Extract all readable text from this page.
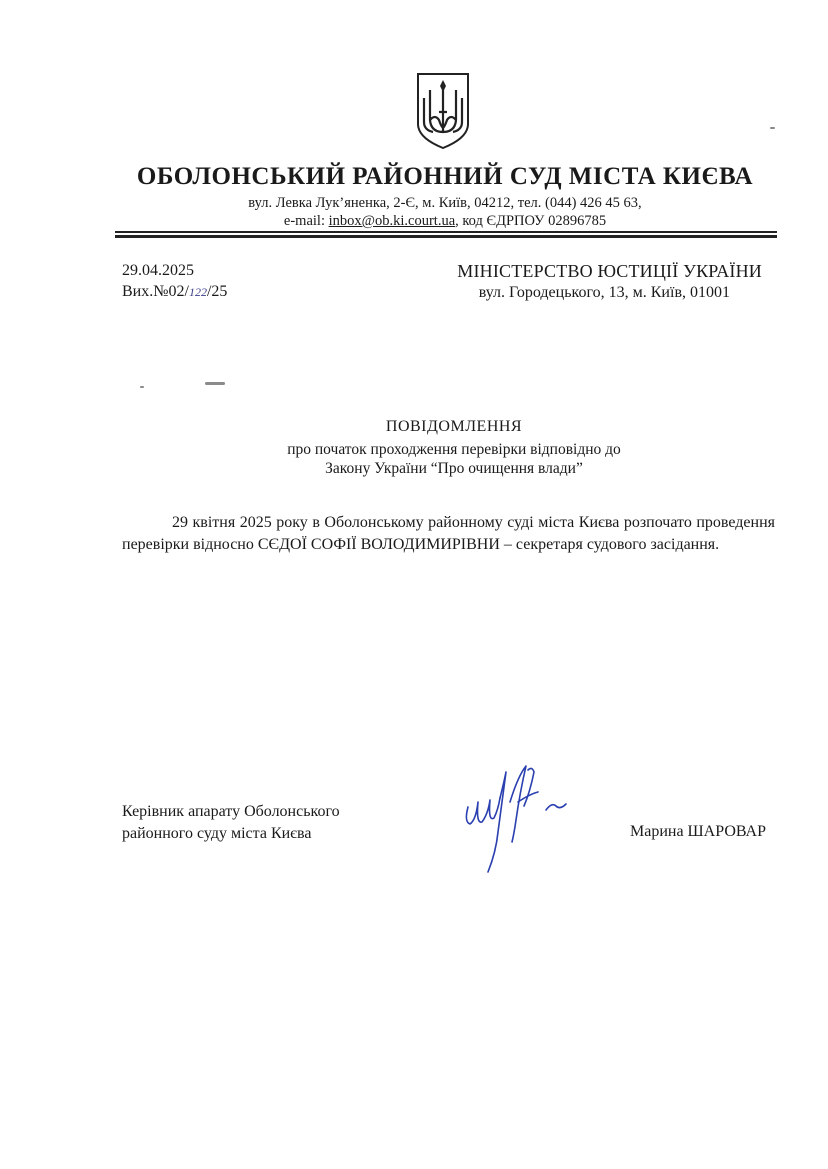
ОБОЛОНСЬКИЙ РАЙОННИЙ СУД МІСТА КИЄВА
вул. Левка Лук’яненка, 2-Є, м. Київ, 04212, тел. (044) 426 45 63,
e-mail: inbox@ob.ki.court.ua, код ЄДРПОУ 02896785
29.04.2025
Вих.№02/122/25
МІНІСТЕРСТВО ЮСТИЦІЇ УКРАЇНИ
вул. Городецького, 13, м. Київ, 01001
ПОВІДОМЛЕННЯ
про початок проходження перевірки відповідно до
Закону України “Про очищення влади”
29 квітня 2025 року в Оболонському районному суді міста Києва розпочато проведення перевірки відносно СЄДОЇ СОФІЇ ВОЛОДИМИРІВНИ – секретаря судового засідання.
Керівник апарату Оболонського
районного суду міста Києва	Марина ШАРОВАР
